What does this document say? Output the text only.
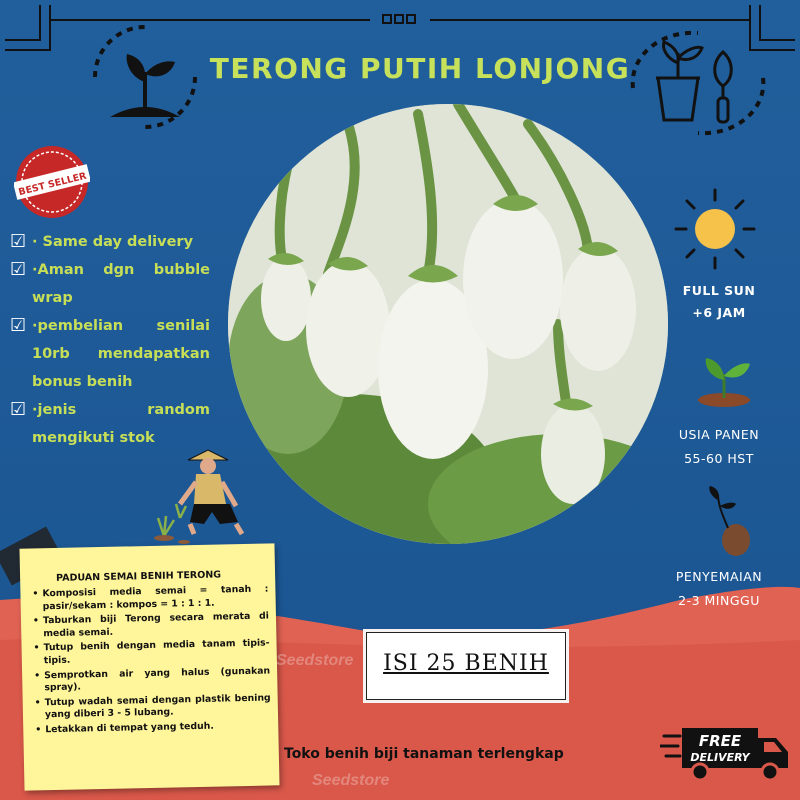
TERONG PUTIH LONJONG
BEST SELLER
☑ · Same day delivery
☑ ·Aman dgn bubble wrap
☑ ·pembelian senilai 10rb mendapatkan bonus benih
☑ ·jenis random mengikuti stok
PADUAN SEMAI BENIH TERONG
• Komposisi media semai = tanah : pasir/sekam : kompos = 1 : 1 : 1.
• Taburkan biji Terong secara merata di media semai.
• Tutup benih dengan media tanam tipis-tipis.
• Semprotkan air yang halus (gunakan spray).
• Tutup wadah semai dengan plastik bening yang diberi 3 - 5 lubang.
• Letakkan di tempat yang teduh.
Seedstore
Seedstore
ISI 25 BENIH
Toko benih biji tanaman terlengkap
FULL SUN
+6 JAM
USIA PANEN
55-60 HST
PENYEMAIAN
2-3 MINGGU
FREE
DELIVERY
